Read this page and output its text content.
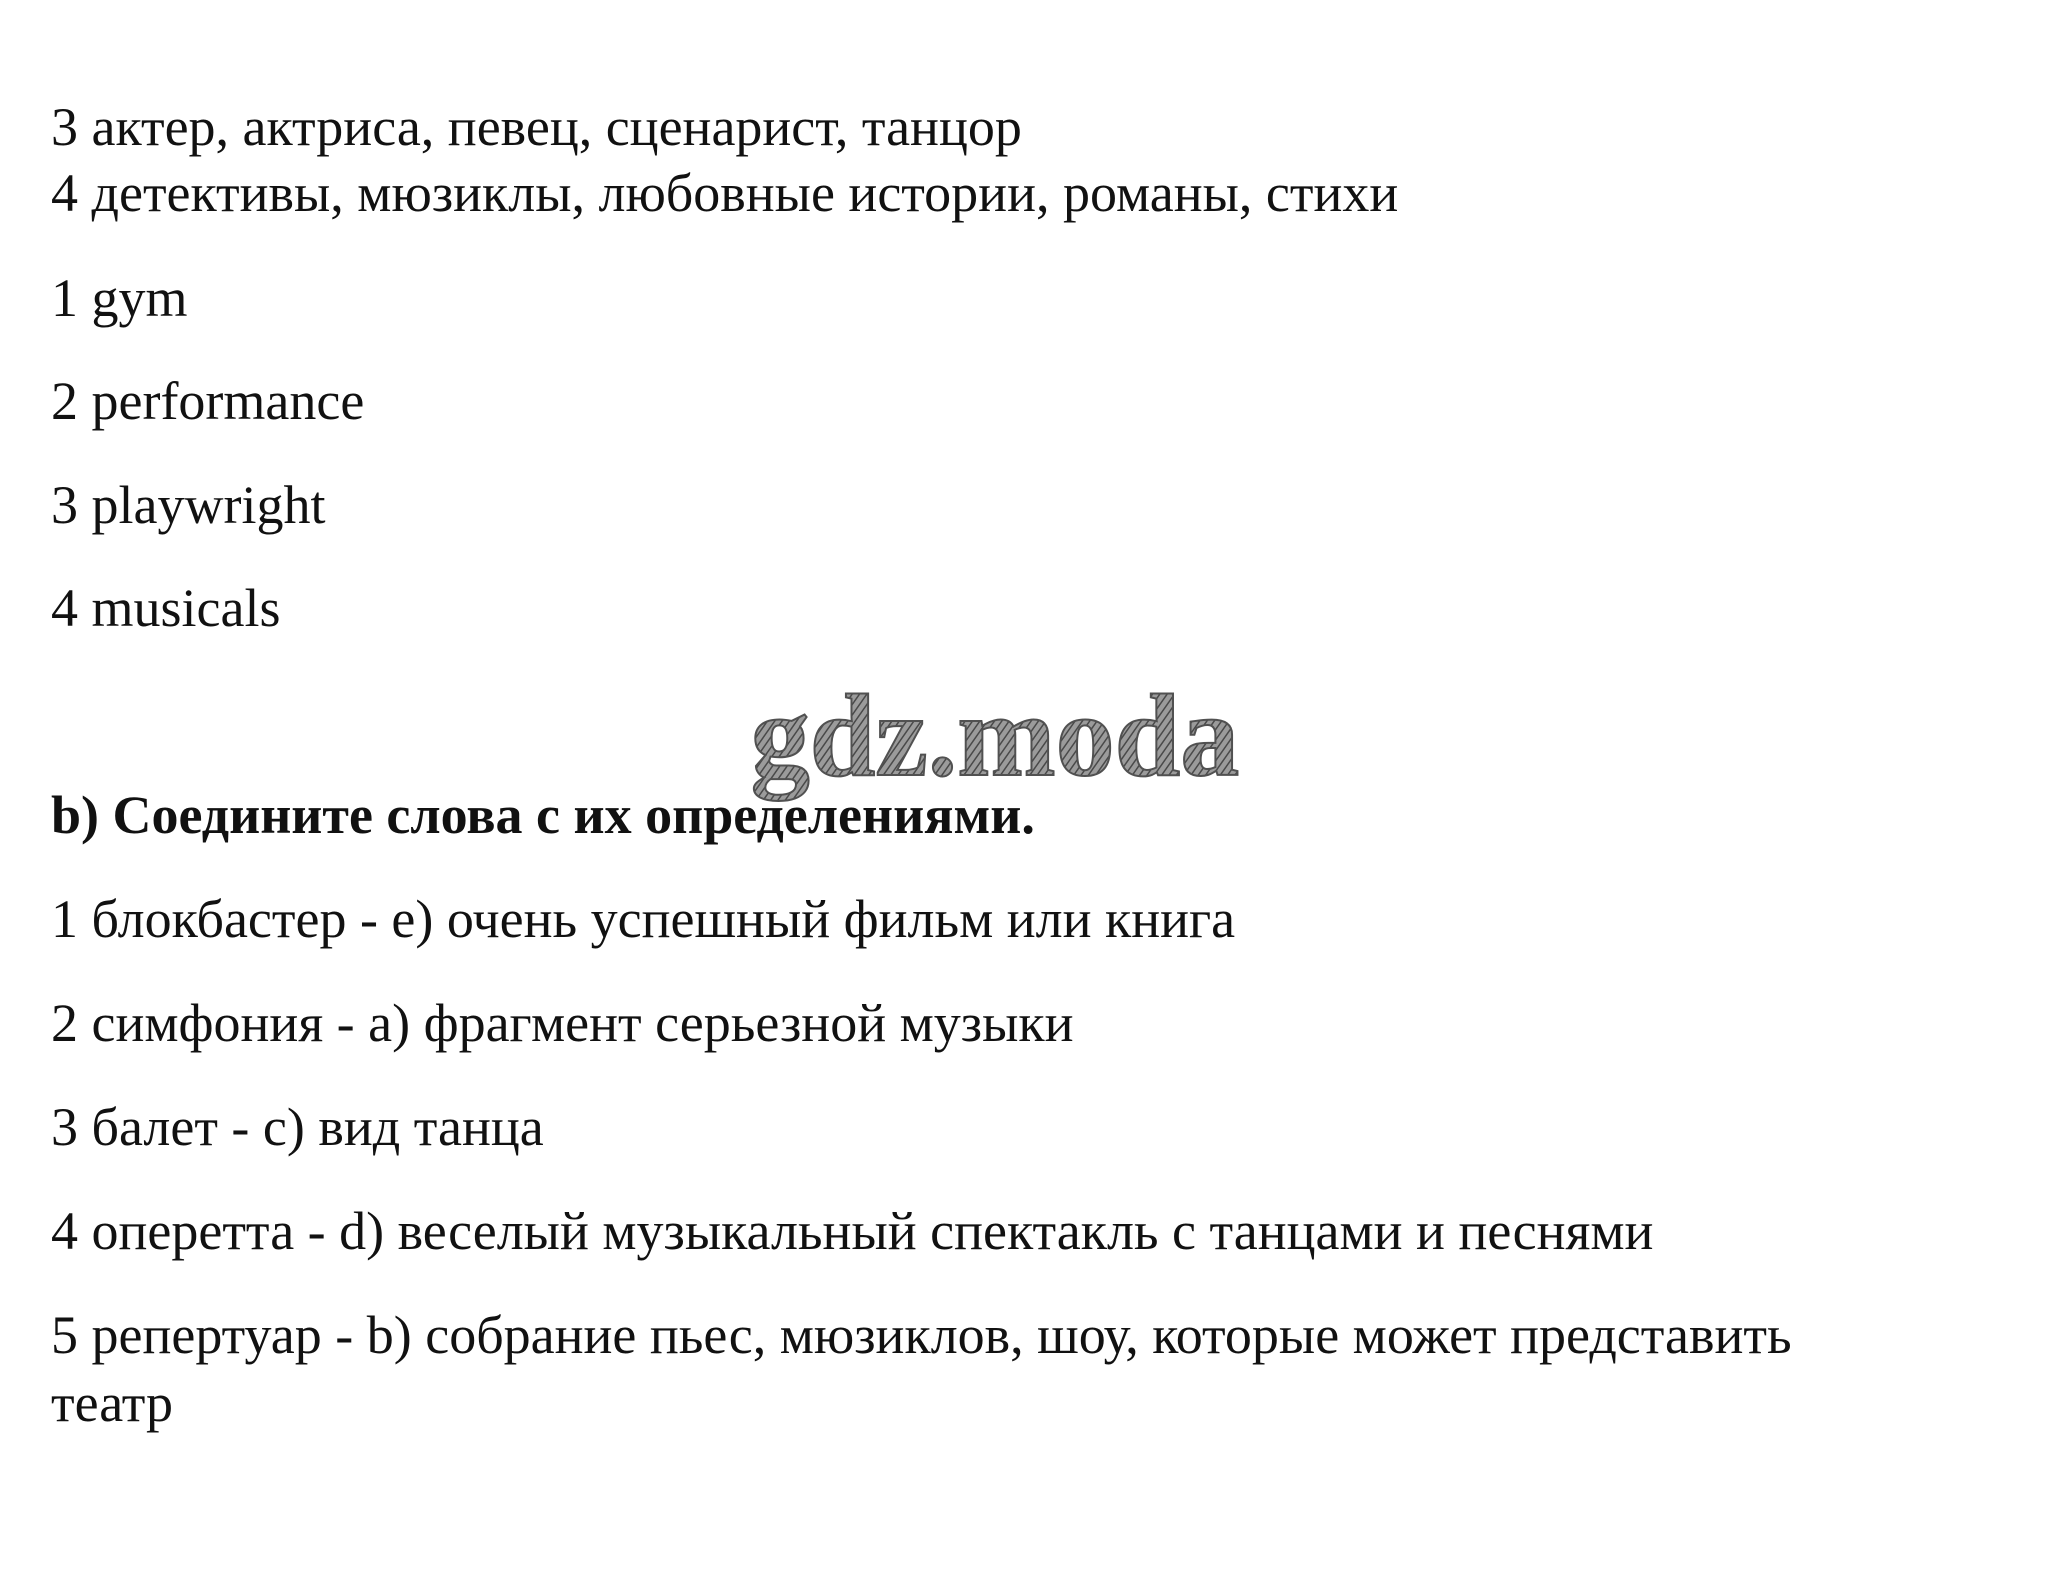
3 актер, актриса, певец, сценарист, танцор

4 детективы, мюзиклы, любовные истории, романы, стихи

1 gym

2 performance

3 playwright

4 musicals

gdz.moda

b) Соедините слова с их определениями.

1 блокбастер - e) очень успешный фильм или книга

2 симфония - a) фрагмент серьезной музыки

3 балет - c) вид танца

4 оперетта - d) веселый музыкальный спектакль с танцами и песнями

5 репертуар - b) собрание пьес, мюзиклов, шоу, которые может представить

театр
